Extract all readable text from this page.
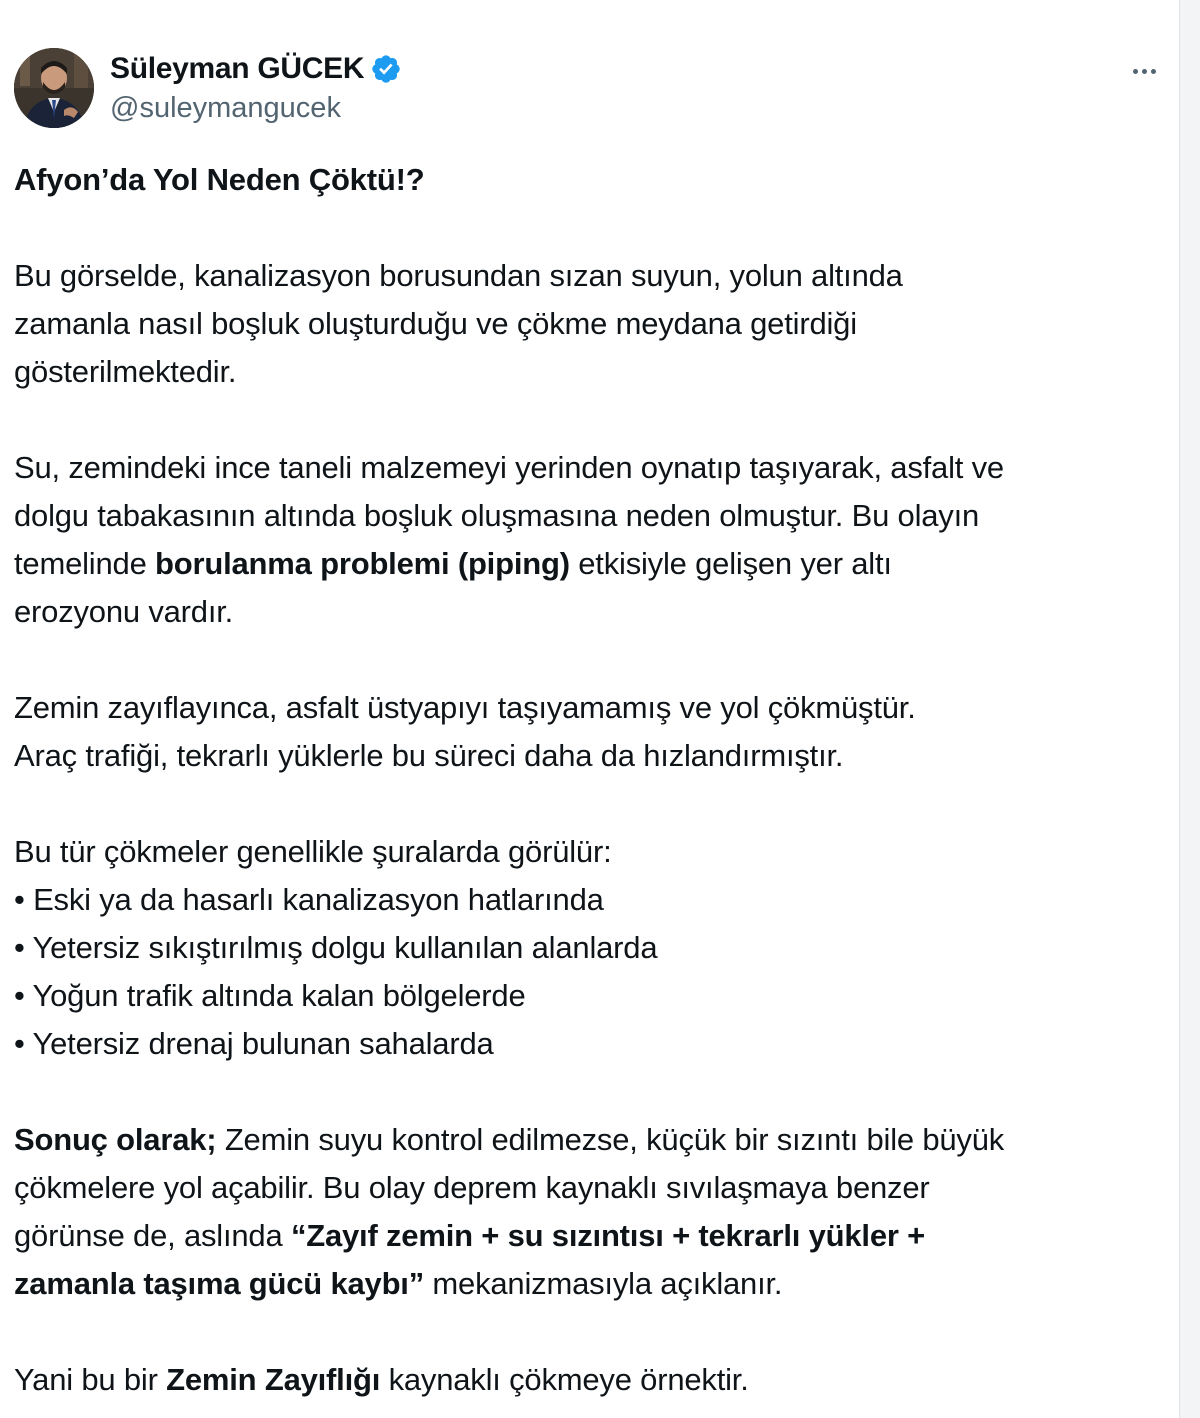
Süleyman GÜCEK
@suleymangucek

Afyon’da Yol Neden Çöktü!?

Bu görselde, kanalizasyon borusundan sızan suyun, yolun altında

zamanla nasıl boşluk oluşturduğu ve çökme meydana getirdiği

gösterilmektedir.

Su, zemindeki ince taneli malzemeyi yerinden oynatıp taşıyarak, asfalt ve

dolgu tabakasının altında boşluk oluşmasına neden olmuştur. Bu olayın

temelinde borulanma problemi (piping) etkisiyle gelişen yer altı

erozyonu vardır.

Zemin zayıflayınca, asfalt üstyapıyı taşıyamamış ve yol çökmüştür.

Araç trafiği, tekrarlı yüklerle bu süreci daha da hızlandırmıştır.

Bu tür çökmeler genellikle şuralarda görülür:

• Eski ya da hasarlı kanalizasyon hatlarında

• Yetersiz sıkıştırılmış dolgu kullanılan alanlarda

• Yoğun trafik altında kalan bölgelerde

• Yetersiz drenaj bulunan sahalarda

Sonuç olarak; Zemin suyu kontrol edilmezse, küçük bir sızıntı bile büyük

çökmelere yol açabilir. Bu olay deprem kaynaklı sıvılaşmaya benzer

görünse de, aslında “Zayıf zemin + su sızıntısı + tekrarlı yükler +

zamanla taşıma gücü kaybı” mekanizmasıyla açıklanır.

Yani bu bir Zemin Zayıflığı kaynaklı çökmeye örnektir.
